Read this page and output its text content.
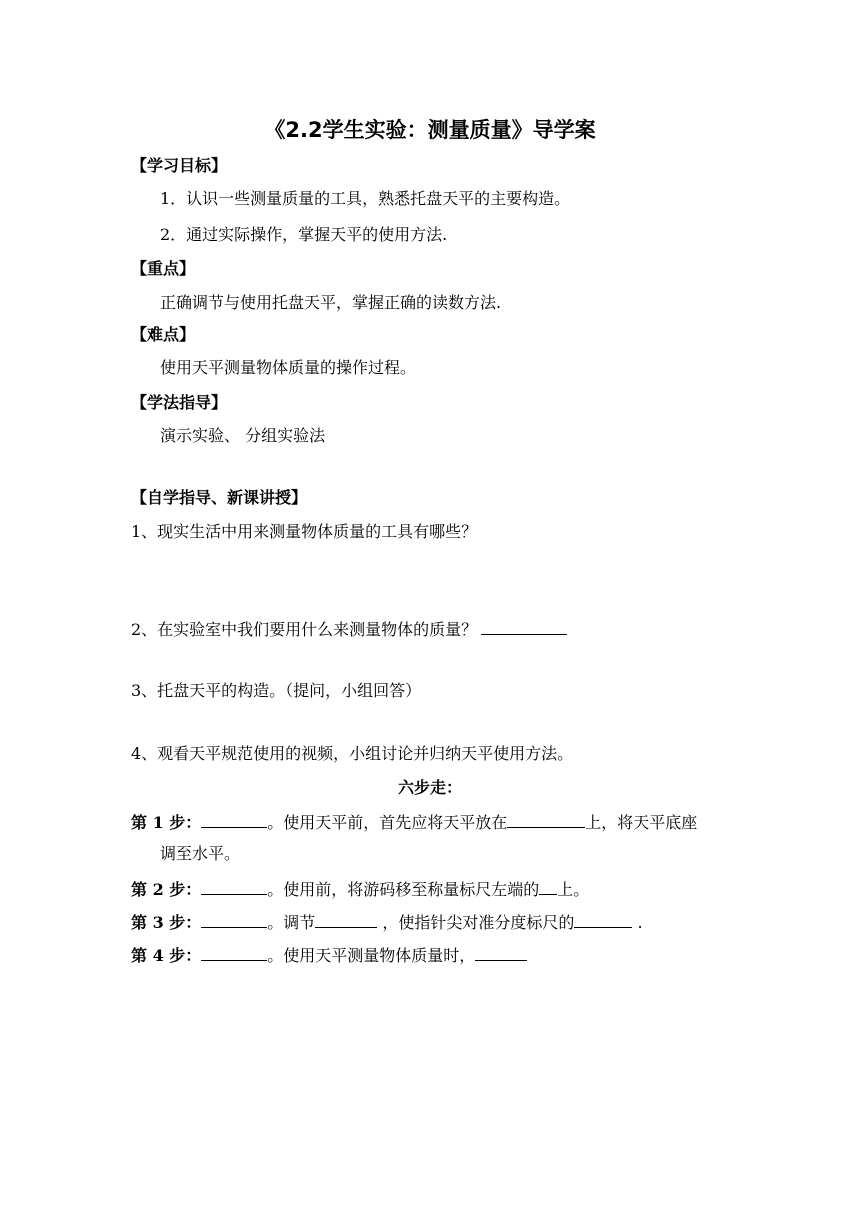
《2.2学生实验：测量质量》导学案
【学习目标】
1．认识一些测量质量的工具，熟悉托盘天平的主要构造。
2．通过实际操作，掌握天平的使用方法.
【重点】
正确调节与使用托盘天平，掌握正确的读数方法.
【难点】
使用天平测量物体质量的操作过程。
【学法指导】
演示实验、 分组实验法
【自学指导、新课讲授】
1、现实生活中用来测量物体质量的工具有哪些？
2、在实验室中我们要用什么来测量物体的质量？
3、托盘天平的构造。（提问，小组回答）
4、观看天平规范使用的视频，小组讨论并归纳天平使用方法。
六步走：
第 1 步：	。使用天平前，首先应将天平放在	上，将天平底座
调至水平。
第 2 步：	。使用前，将游码移至称量标尺左端的 上。
第 3 步：	。调节	，使指针尖对准分度标尺的	.
第 4 步：	。使用天平测量物体质量时，
